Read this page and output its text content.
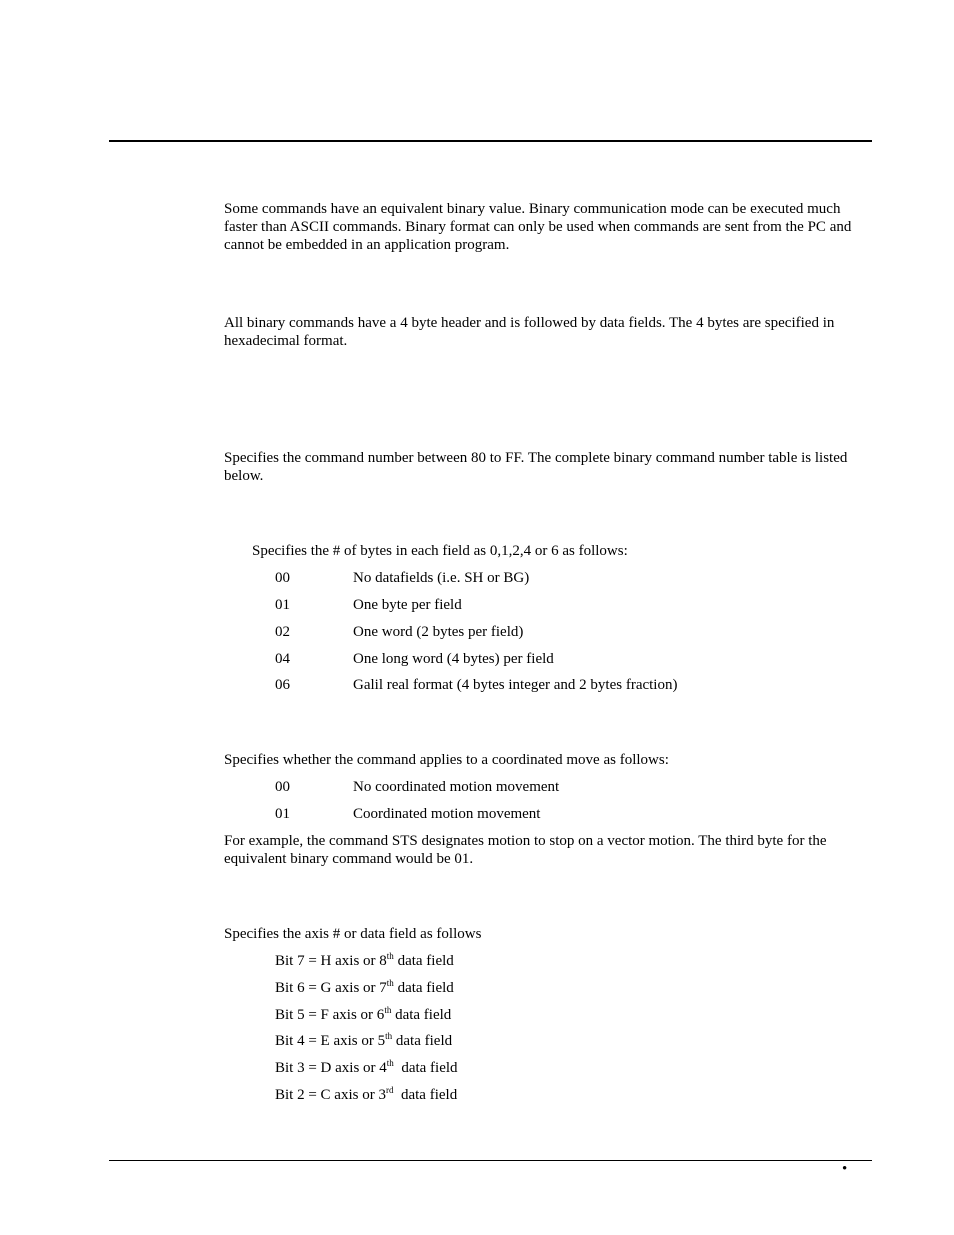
Some commands have an equivalent binary value. Binary communication mode can be executed much faster than ASCII commands. Binary format can only be used when commands are sent from the PC and cannot be embedded in an application program.

All binary commands have a 4 byte header and is followed by data fields. The 4 bytes are specified in hexadecimal format.

Specifies the command number between 80 to FF. The complete binary command number table is listed below.

Specifies the # of bytes in each field as 0,1,2,4 or 6 as follows:

00	No datafields (i.e. SH or BG)
01	One byte per field
02	One word (2 bytes per field)
04	One long word (4 bytes) per field
06	Galil real format (4 bytes integer and 2 bytes fraction)

Specifies whether the command applies to a coordinated move as follows:

00	No coordinated motion movement
01	Coordinated motion movement

For example, the command STS designates motion to stop on a vector motion. The third byte for the equivalent binary command would be 01.

Specifies the axis # or data field as follows

Bit 7 = H axis or 8th data field
Bit 6 = G axis or 7th data field
Bit 5 = F axis or 6th data field
Bit 4 = E axis or 5th data field
Bit 3 = D axis or 4th  data field
Bit 2 = C axis or 3rd  data field
•
